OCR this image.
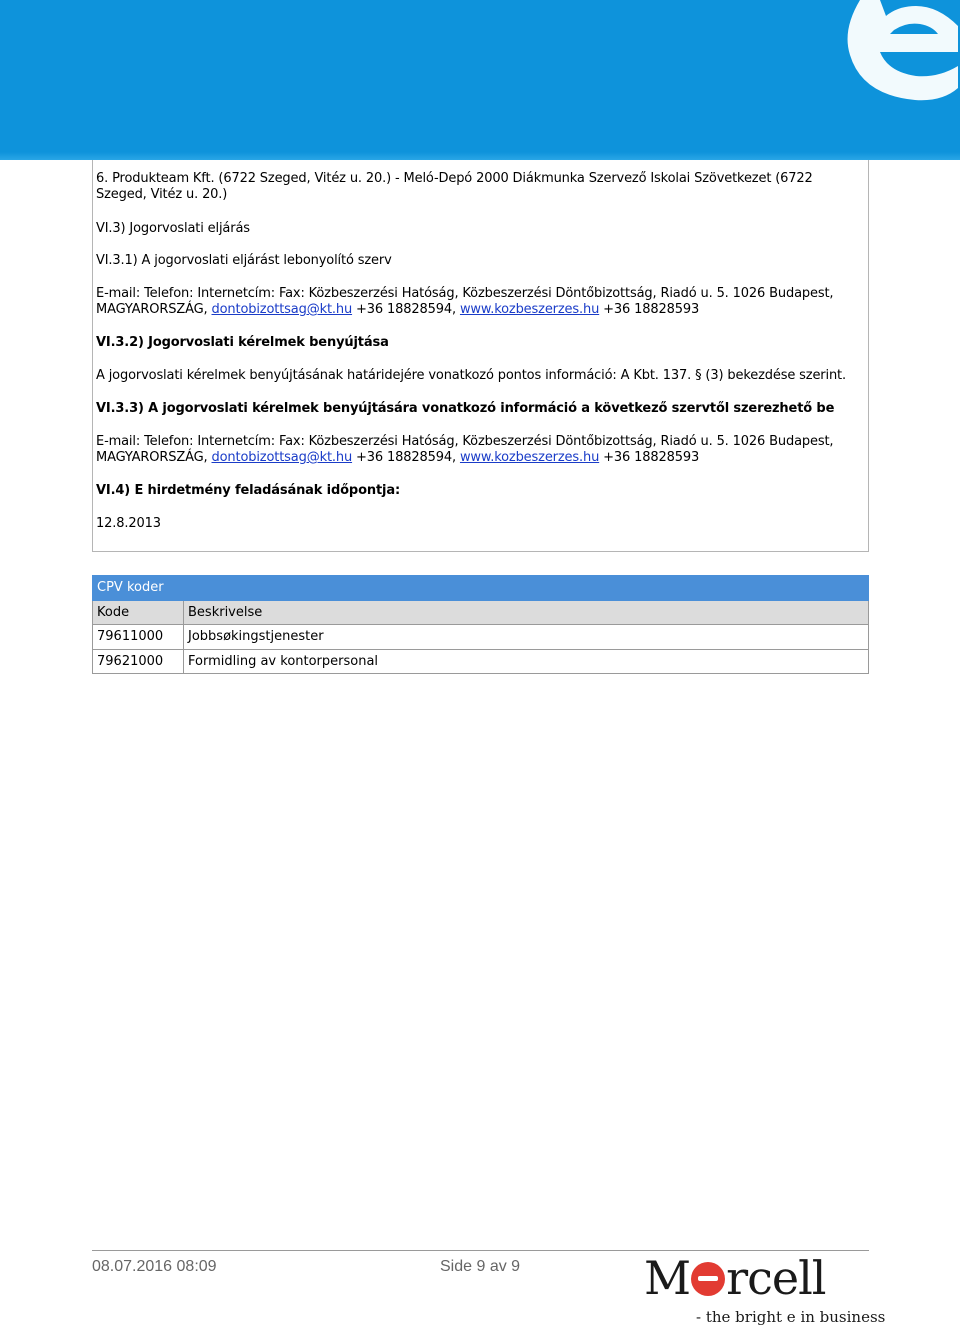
6. Produkteam Kft. (6722 Szeged, Vitéz u. 20.) - Meló-Depó 2000 Diákmunka Szervező Iskolai Szövetkezet (6722 Szeged, Vitéz u. 20.)
VI.3) Jogorvoslati eljárás
VI.3.1) A jogorvoslati eljárást lebonyolító szerv
E-mail: Telefon: Internetcím: Fax: Közbeszerzési Hatóság, Közbeszerzési Döntőbizottság, Riadó u. 5. 1026 Budapest, MAGYARORSZÁG, dontobizottsag@kt.hu +36 18828594, www.kozbeszerzes.hu +36 18828593
VI.3.2) Jogorvoslati kérelmek benyújtása
A jogorvoslati kérelmek benyújtásának határidejére vonatkozó pontos információ: A Kbt. 137. § (3) bekezdése szerint.
VI.3.3) A jogorvoslati kérelmek benyújtására vonatkozó információ a következő szervtől szerezhető be
E-mail: Telefon: Internetcím: Fax: Közbeszerzési Hatóság, Közbeszerzési Döntőbizottság, Riadó u. 5. 1026 Budapest, MAGYARORSZÁG, dontobizottsag@kt.hu +36 18828594, www.kozbeszerzes.hu +36 18828593
VI.4) E hirdetmény feladásának időpontja:
12.8.2013
CPV koder	
Kode	Beskrivelse
79611000	Jobbsøkingstjenester
79621000	Formidling av kontorpersonal
08.07.2016 08:09	Side 9 av 9	M rcell
- the bright e in business
